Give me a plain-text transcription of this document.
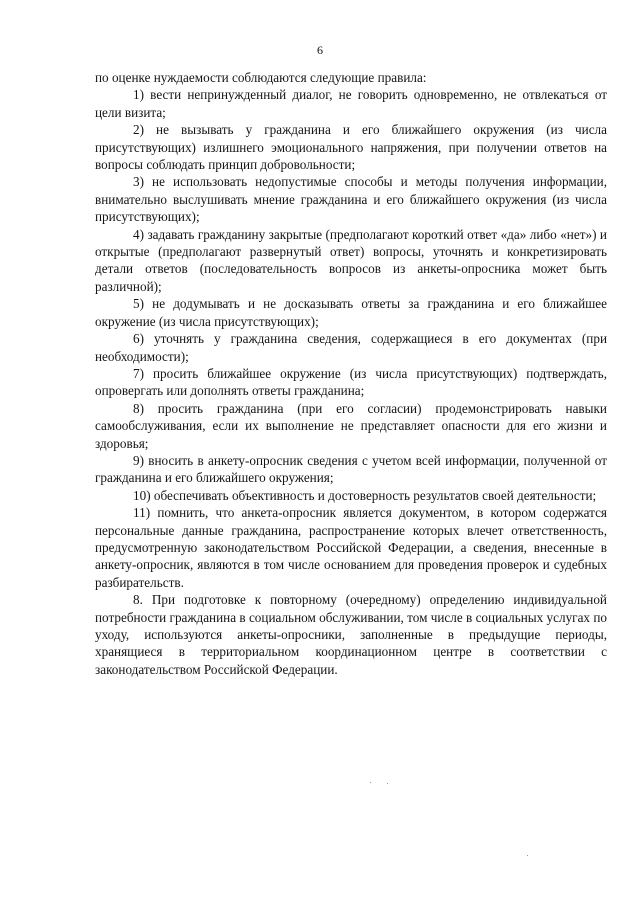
6

по оценке нуждаемости соблюдаются следующие правила:

1) вести непринужденный диалог, не говорить одновременно, не отвлекаться от цели визита;

2) не вызывать у гражданина и его ближайшего окружения (из числа присутствующих) излишнего эмоционального напряжения, при получении ответов на вопросы соблюдать принцип добровольности;

3) не использовать недопустимые способы и методы получения информации, внимательно выслушивать мнение гражданина и его ближайшего окружения (из числа присутствующих);

4) задавать гражданину закрытые (предполагают короткий ответ «да» либо «нет») и открытые (предполагают развернутый ответ) вопросы, уточнять и конкретизировать детали ответов (последовательность вопросов из анкеты-опросника может быть различной);

5) не додумывать и не досказывать ответы за гражданина и его ближайшее окружение (из числа присутствующих);

6) уточнять у гражданина сведения, содержащиеся в его документах (при необходимости);

7) просить ближайшее окружение (из числа присутствующих) подтверждать, опровергать или дополнять ответы гражданина;

8) просить гражданина (при его согласии) продемонстрировать навыки самообслуживания, если их выполнение не представляет опасности для его жизни и здоровья;

9) вносить в анкету-опросник сведения с учетом всей информации, полученной от гражданина и его ближайшего окружения;

10) обеспечивать объективность и достоверность результатов своей деятельности;

11) помнить, что анкета-опросник является документом, в котором содержатся персональные данные гражданина, распространение которых влечет ответственность, предусмотренную законодательством Российской Федерации, а сведения, внесенные в анкету-опросник, являются в том числе основанием для проведения проверок и судебных разбирательств.

8. При подготовке к повторному (очередному) определению индивидуальной потребности гражданина в социальном обслуживании, том числе в социальных услугах по уходу, используются анкеты-опросники, заполненные в предыдущие периоды, хранящиеся в территориальном координационном центре в соответствии с законодательством Российской Федерации.
